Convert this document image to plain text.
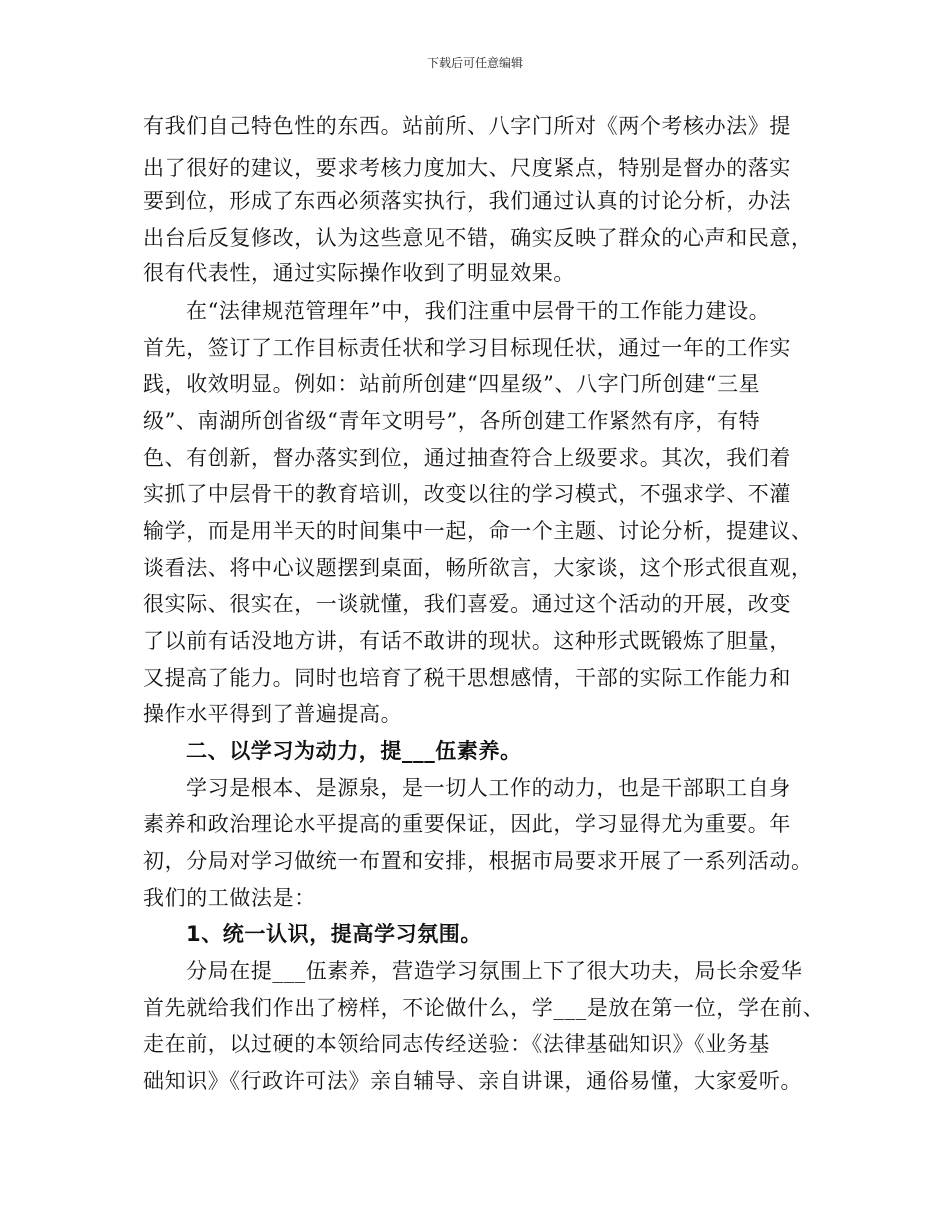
下载后可任意编辑
有我们自己特色性的东西。站前所、八字门所对《两个考核办法》提
出了很好的建议，要求考核力度加大、尺度紧点，特别是督办的落实
要到位，形成了东西必须落实执行，我们通过认真的讨论分析，办法
出台后反复修改，认为这些意见不错，确实反映了群众的心声和民意，
很有代表性，通过实际操作收到了明显效果。
在“法律规范管理年”中，我们注重中层骨干的工作能力建设。
首先，签订了工作目标责任状和学习目标现任状，通过一年的工作实
践，收效明显。例如：站前所创建“四星级”、八字门所创建“三星
级”、南湖所创省级“青年文明号”，各所创建工作紧然有序，有特
色、有创新，督办落实到位，通过抽查符合上级要求。其次，我们着
实抓了中层骨干的教育培训，改变以往的学习模式，不强求学、不灌
输学，而是用半天的时间集中一起，命一个主题、讨论分析，提建议、
谈看法、将中心议题摆到桌面，畅所欲言，大家谈，这个形式很直观，
很实际、很实在，一谈就懂，我们喜爱。通过这个活动的开展，改变
了以前有话没地方讲，有话不敢讲的现状。这种形式既锻炼了胆量，
又提高了能力。同时也培育了税干思想感情，干部的实际工作能力和
操作水平得到了普遍提高。
二、以学习为动力，提___伍素养。
学习是根本、是源泉，是一切人工作的动力，也是干部职工自身
素养和政治理论水平提高的重要保证，因此，学习显得尤为重要。年
初，分局对学习做统一布置和安排，根据市局要求开展了一系列活动。
我们的工做法是：
1、统一认识，提高学习氛围。
分局在提___伍素养，营造学习氛围上下了很大功夫，局长余爱华
首先就给我们作出了榜样，不论做什么，学___是放在第一位，学在前、
走在前，以过硬的本领给同志传经送验：《法律基础知识》《业务基
础知识》《行政许可法》亲自辅导、亲自讲课，通俗易懂，大家爱听。
